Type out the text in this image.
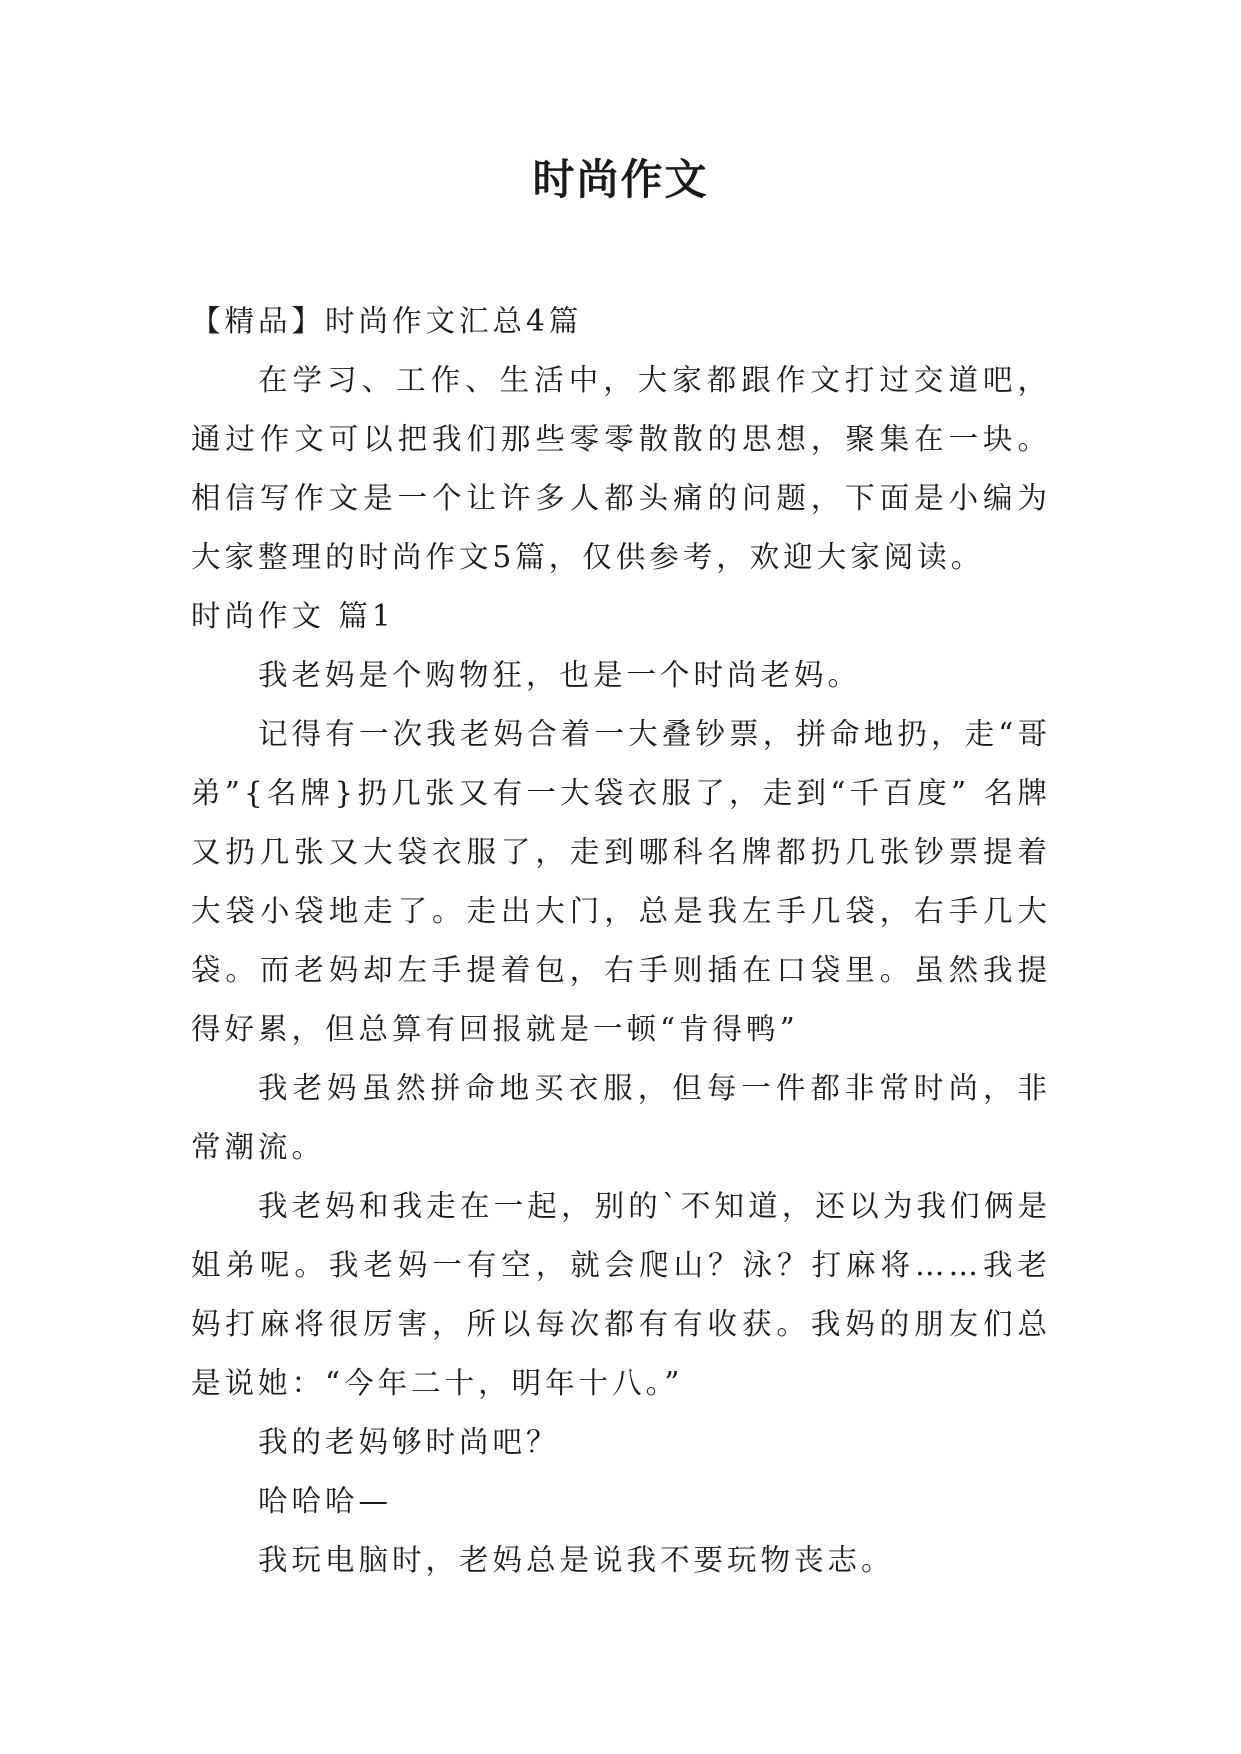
时尚作文

【精品】时尚作文汇总4篇

在学习、工作、生活中，大家都跟作文打过交道吧，通过作文可以把我们那些零零散散的思想，聚集在一块。相信写作文是一个让许多人都头痛的问题，下面是小编为大家整理的时尚作文5篇，仅供参考，欢迎大家阅读。

时尚作文 篇1

我老妈是个购物狂，也是一个时尚老妈。

记得有一次我老妈合着一大叠钞票，拼命地扔，走“哥弟”{名牌}扔几张又有一大袋衣服了，走到“千百度” 名牌又扔几张又大袋衣服了，走到哪科名牌都扔几张钞票提着大袋小袋地走了。走出大门，总是我左手几袋，右手几大袋。而老妈却左手提着包，右手则插在口袋里。虽然我提得好累，但总算有回报就是一顿“肯得鸭”

我老妈虽然拼命地买衣服，但每一件都非常时尚，非常潮流。

我老妈和我走在一起，别的`不知道，还以为我们俩是姐弟呢。我老妈一有空，就会爬山？泳？打麻将……我老妈打麻将很厉害，所以每次都有有收获。我妈的朋友们总是说她：“今年二十，明年十八。”

我的老妈够时尚吧？

哈哈哈—

我玩电脑时，老妈总是说我不要玩物丧志。
